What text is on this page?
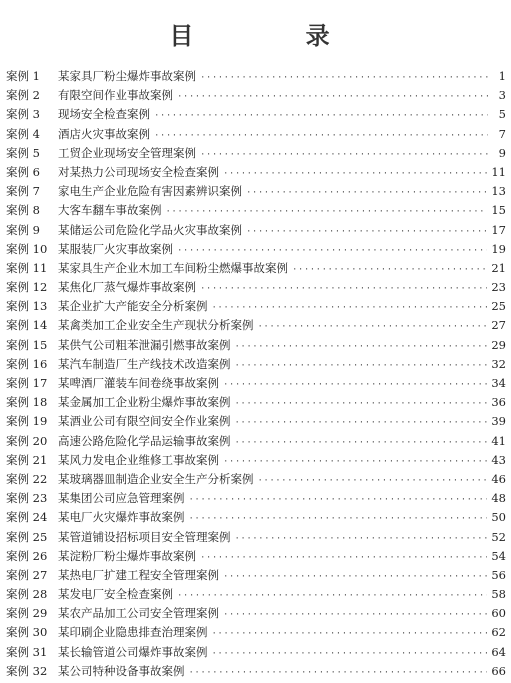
目 录
案例 1	某家具厂粉尘爆炸事故案例 ·····	1
案例 2	有限空间作业事故案例 ·····	3
案例 3	现场安全检查案例 ·····	5
案例 4	酒店火灾事故案例 ·····	7
案例 5	工贸企业现场安全管理案例 ·····	9
案例 6	对某热力公司现场安全检查案例 ·····	11
案例 7	家电生产企业危险有害因素辨识案例 ·····	13
案例 8	大客车翻车事故案例 ·····	15
案例 9	某储运公司危险化学品火灾事故案例 ·····	17
案例 10 某服装厂火灾事故案例 ·····	19
案例 11 某家具生产企业木加工车间粉尘燃爆事故案例 ·····	21
案例 12 某焦化厂蒸气爆炸事故案例 ·····	23
案例 13 某企业扩大产能安全分析案例 ·····	25
案例 14 某禽类加工企业安全生产现状分析案例 ·····	27
案例 15 某供气公司粗苯泄漏引燃事故案例 ·····	29
案例 16 某汽车制造厂生产线技术改造案例 ·····	32
案例 17 某啤酒厂灌装车间卷绕事故案例 ·····	34
案例 18 某金属加工企业粉尘爆炸事故案例 ·····	36
案例 19 某酒业公司有限空间安全作业案例 ·····	39
案例 20 高速公路危险化学品运输事故案例 ·····	41
案例 21 某风力发电企业维修工事故案例 ·····	43
案例 22 某玻璃器皿制造企业安全生产分析案例 ·····	46
案例 23 某集团公司应急管理案例 ·····	48
案例 24 某电厂火灾爆炸事故案例 ·····	50
案例 25 某管道铺设招标项目安全管理案例 ·····	52
案例 26 某淀粉厂粉尘爆炸事故案例 ·····	54
案例 27 某热电厂扩建工程安全管理案例 ·····	56
案例 28 某发电厂安全检查案例 ·····	58
案例 29 某农产品加工公司安全管理案例 ·····	60
案例 30 某印刷企业隐患排查治理案例 ·····	62
案例 31 某长输管道公司爆炸事故案例 ·····	64
案例 32 某公司特种设备事故案例 ·····	66
